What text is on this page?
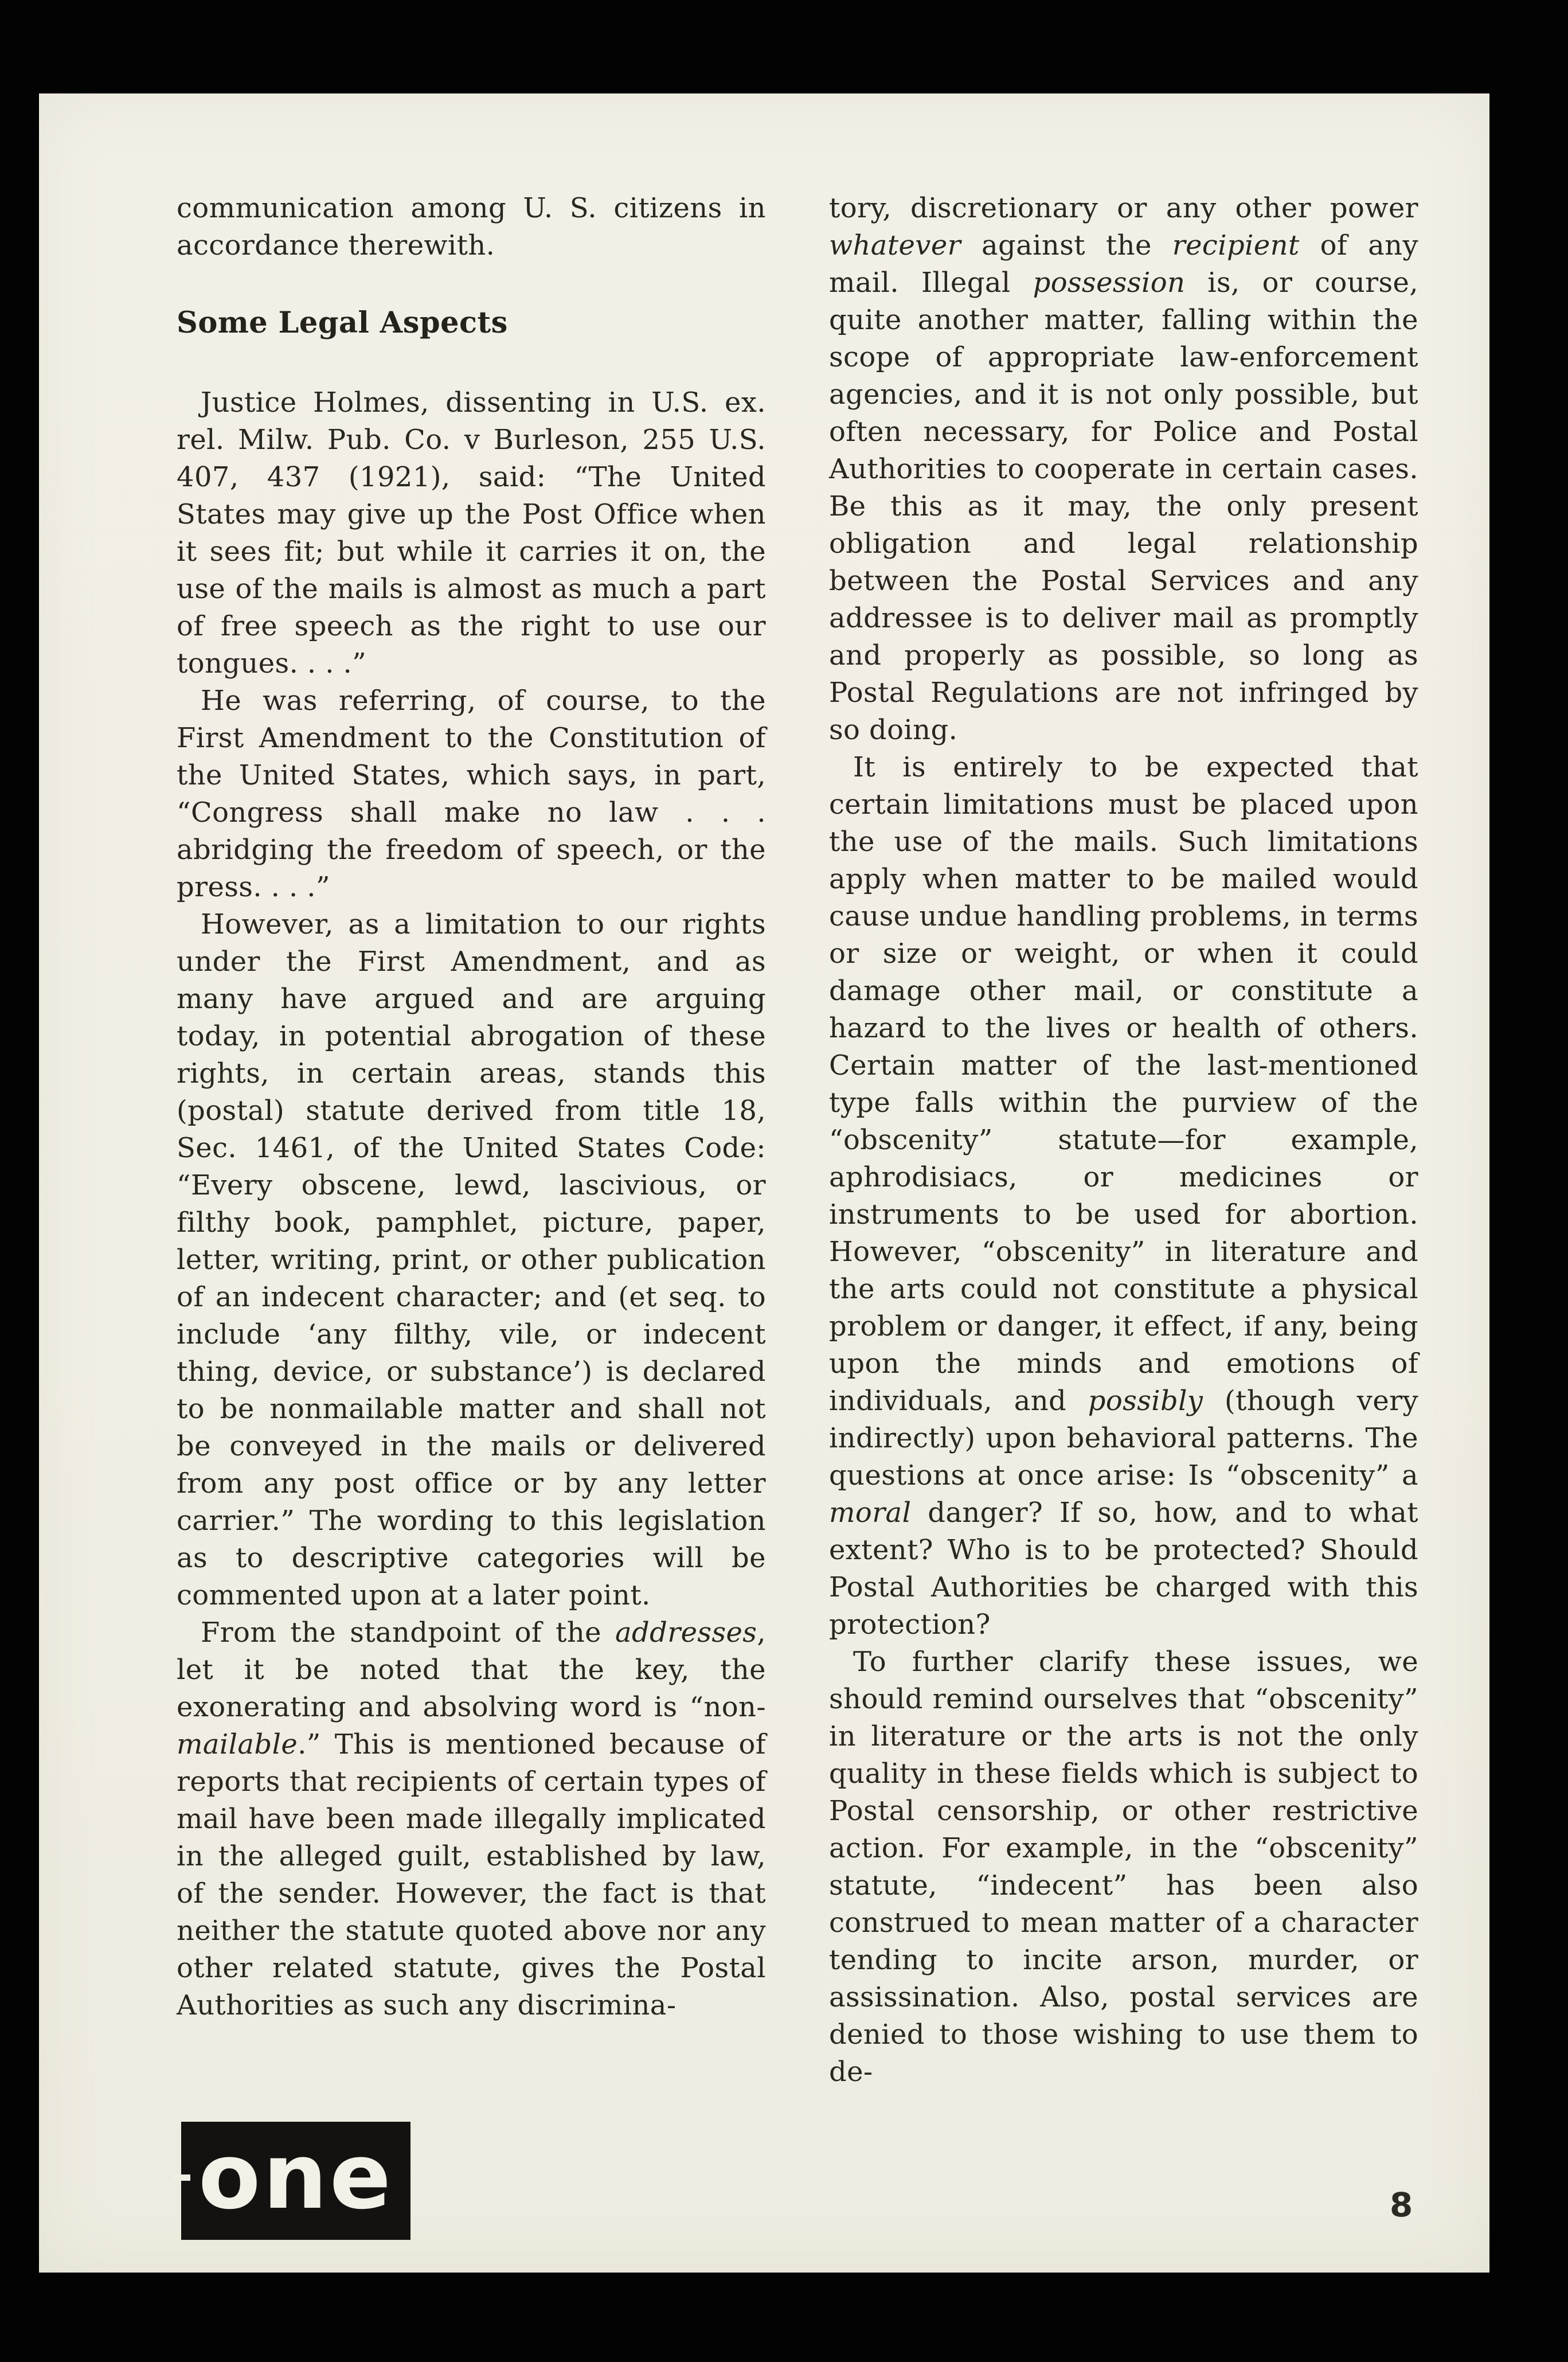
communication among U. S. citizens in accordance therewith.

Some Legal Aspects

Justice Holmes, dissenting in U.S. ex. rel. Milw. Pub. Co. v Burleson, 255 U.S. 407, 437 (1921), said: “The United States may give up the Post Office when it sees fit; but while it carries it on, the use of the mails is almost as much a part of free speech as the right to use our tongues. . . .”

He was referring, of course, to the First Amendment to the Constitution of the United States, which says, in part, “Congress shall make no law . . . abridging the freedom of speech, or the press. . . .”

However, as a limitation to our rights under the First Amendment, and as many have argued and are arguing today, in potential abrogation of these rights, in certain areas, stands this (postal) statute derived from title 18, Sec. 1461, of the United States Code: “Every obscene, lewd, lascivious, or filthy book, pamphlet, picture, paper, letter, writing, print, or other publication of an indecent character; and (et seq. to include ‘any filthy, vile, or indecent thing, device, or substance’) is declared to be nonmailable matter and shall not be conveyed in the mails or delivered from any post office or by any letter carrier.” The wording to this legislation as to descriptive categories will be commented upon at a later point.

From the standpoint of the addresses, let it be noted that the key, the exonerating and absolving word is “non-mailable.” This is mentioned because of reports that recipients of certain types of mail have been made illegally implicated in the alleged guilt, established by law, of the sender. However, the fact is that neither the statute quoted above nor any other related statute, gives the Postal Authorities as such any discrimina-

tory, discretionary or any other power whatever against the recipient of any mail. Illegal possession is, or course, quite another matter, falling within the scope of appropriate law-enforcement agencies, and it is not only possible, but often necessary, for Police and Postal Authorities to cooperate in certain cases. Be this as it may, the only present obligation and legal relationship between the Postal Services and any addressee is to deliver mail as promptly and properly as possible, so long as Postal Regulations are not infringed by so doing.

It is entirely to be expected that certain limitations must be placed upon the use of the mails. Such limitations apply when matter to be mailed would cause undue handling problems, in terms or size or weight, or when it could damage other mail, or constitute a hazard to the lives or health of others. Certain matter of the last-mentioned type falls within the purview of the “obscenity” statute—for example, aphrodisiacs, or medicines or instruments to be used for abortion. However, “obscenity” in literature and the arts could not constitute a physical problem or danger, it effect, if any, being upon the minds and emotions of individuals, and possibly (though very indirectly) upon behavioral patterns. The questions at once arise: Is “obscenity” a moral danger? If so, how, and to what extent? Who is to be protected? Should Postal Authorities be charged with this protection?

To further clarify these issues, we should remind ourselves that “obscenity” in literature or the arts is not the only quality in these fields which is subject to Postal censorship, or other restrictive action. For example, in the “obscenity” statute, “indecent” has been also construed to mean matter of a character tending to incite arson, murder, or assissination. Also, postal services are denied to those wishing to use them to de-

one	8
